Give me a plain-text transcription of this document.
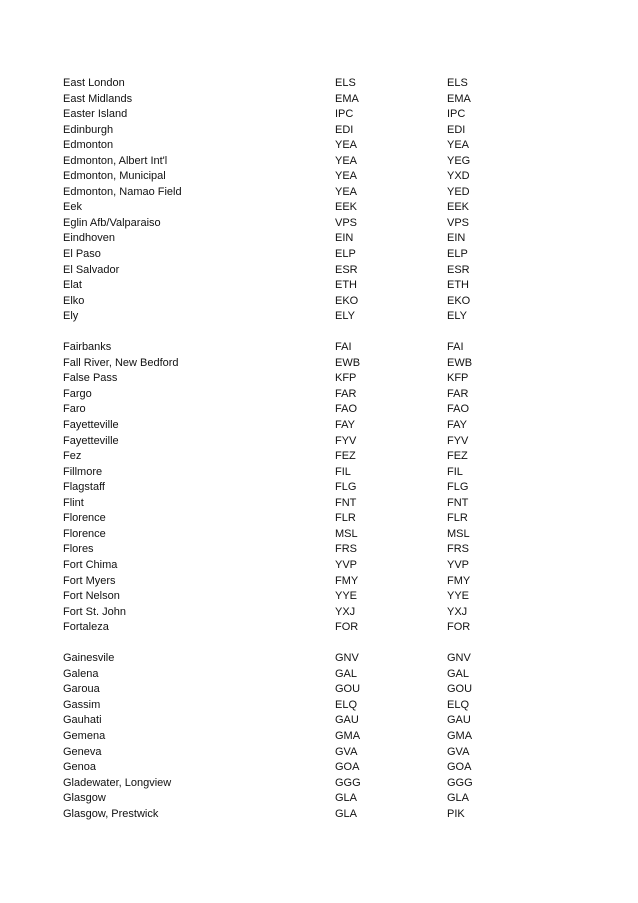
East London	ELS	ELS
East Midlands	EMA	EMA
Easter Island	IPC	IPC
Edinburgh	EDI	EDI
Edmonton	YEA	YEA
Edmonton, Albert Int'l	YEA	YEG
Edmonton, Municipal	YEA	YXD
Edmonton, Namao Field	YEA	YED
Eek	EEK	EEK
Eglin Afb/Valparaiso	VPS	VPS
Eindhoven	EIN	EIN
El Paso	ELP	ELP
El Salvador	ESR	ESR
Elat	ETH	ETH
Elko	EKO	EKO
Ely	ELY	ELY
Fairbanks	FAI	FAI
Fall River, New Bedford	EWB	EWB
False Pass	KFP	KFP
Fargo	FAR	FAR
Faro	FAO	FAO
Fayetteville	FAY	FAY
Fayetteville	FYV	FYV
Fez	FEZ	FEZ
Fillmore	FIL	FIL
Flagstaff	FLG	FLG
Flint	FNT	FNT
Florence	FLR	FLR
Florence	MSL	MSL
Flores	FRS	FRS
Fort Chima	YVP	YVP
Fort Myers	FMY	FMY
Fort Nelson	YYE	YYE
Fort St. John	YXJ	YXJ
Fortaleza	FOR	FOR
Gainesvile	GNV	GNV
Galena	GAL	GAL
Garoua	GOU	GOU
Gassim	ELQ	ELQ
Gauhati	GAU	GAU
Gemena	GMA	GMA
Geneva	GVA	GVA
Genoa	GOA	GOA
Gladewater, Longview	GGG	GGG
Glasgow	GLA	GLA
Glasgow, Prestwick	GLA	PIK
